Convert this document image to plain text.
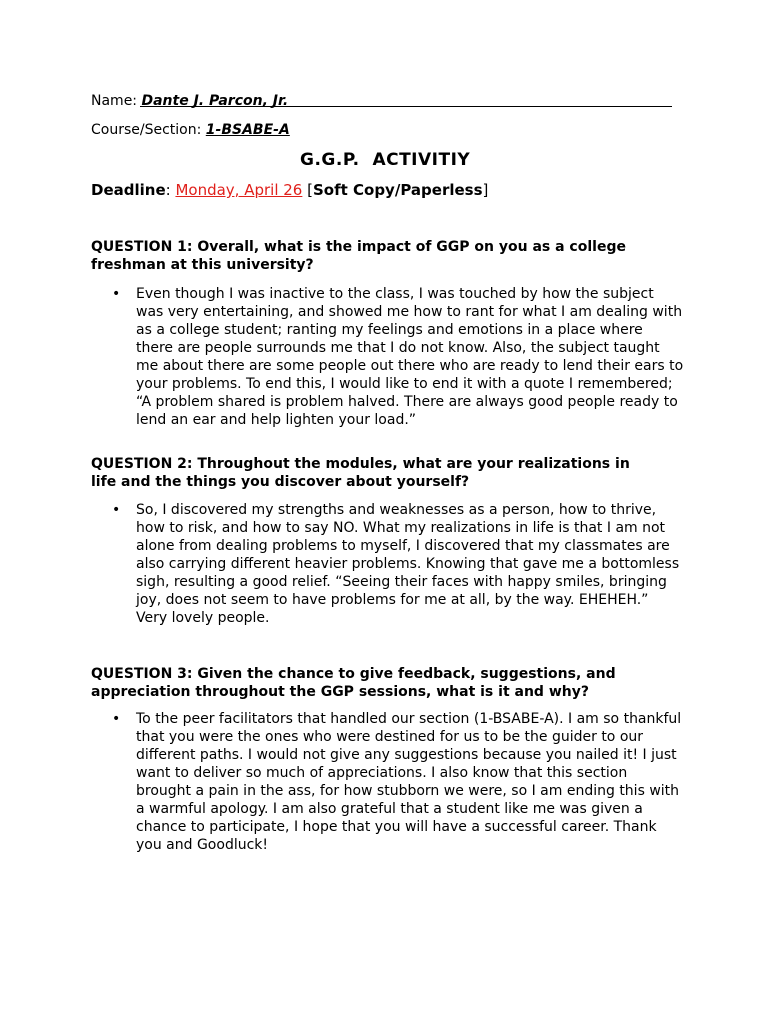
Name: Dante J. Parcon, Jr.
Course/Section: 1-BSABE-A
G.G.P.  ACTIVITIY
Deadline: Monday, April 26 [Soft Copy/Paperless]
QUESTION 1: Overall, what is the impact of GGP on you as a college freshman at this university?
• Even though I was inactive to the class, I was touched by how the subject was very entertaining, and showed me how to rant for what I am dealing with as a college student; ranting my feelings and emotions in a place where there are people surrounds me that I do not know. Also, the subject taught me about there are some people out there who are ready to lend their ears to your problems. To end this, I would like to end it with a quote I remembered; “A problem shared is problem halved. There are always good people ready to lend an ear and help lighten your load.”
QUESTION 2: Throughout the modules, what are your realizations in life and the things you discover about yourself?
• So, I discovered my strengths and weaknesses as a person, how to thrive, how to risk, and how to say NO. What my realizations in life is that I am not alone from dealing problems to myself, I discovered that my classmates are also carrying different heavier problems. Knowing that gave me a bottomless sigh, resulting a good relief. “Seeing their faces with happy smiles, bringing joy, does not seem to have problems for me at all, by the way. EHEHEH.” Very lovely people.
QUESTION 3: Given the chance to give feedback, suggestions, and appreciation throughout the GGP sessions, what is it and why?
• To the peer facilitators that handled our section (1-BSABE-A). I am so thankful that you were the ones who were destined for us to be the guider to our different paths. I would not give any suggestions because you nailed it! I just want to deliver so much of appreciations. I also know that this section brought a pain in the ass, for how stubborn we were, so I am ending this with a warmful apology. I am also grateful that a student like me was given a chance to participate, I hope that you will have a successful career. Thank you and Goodluck!
